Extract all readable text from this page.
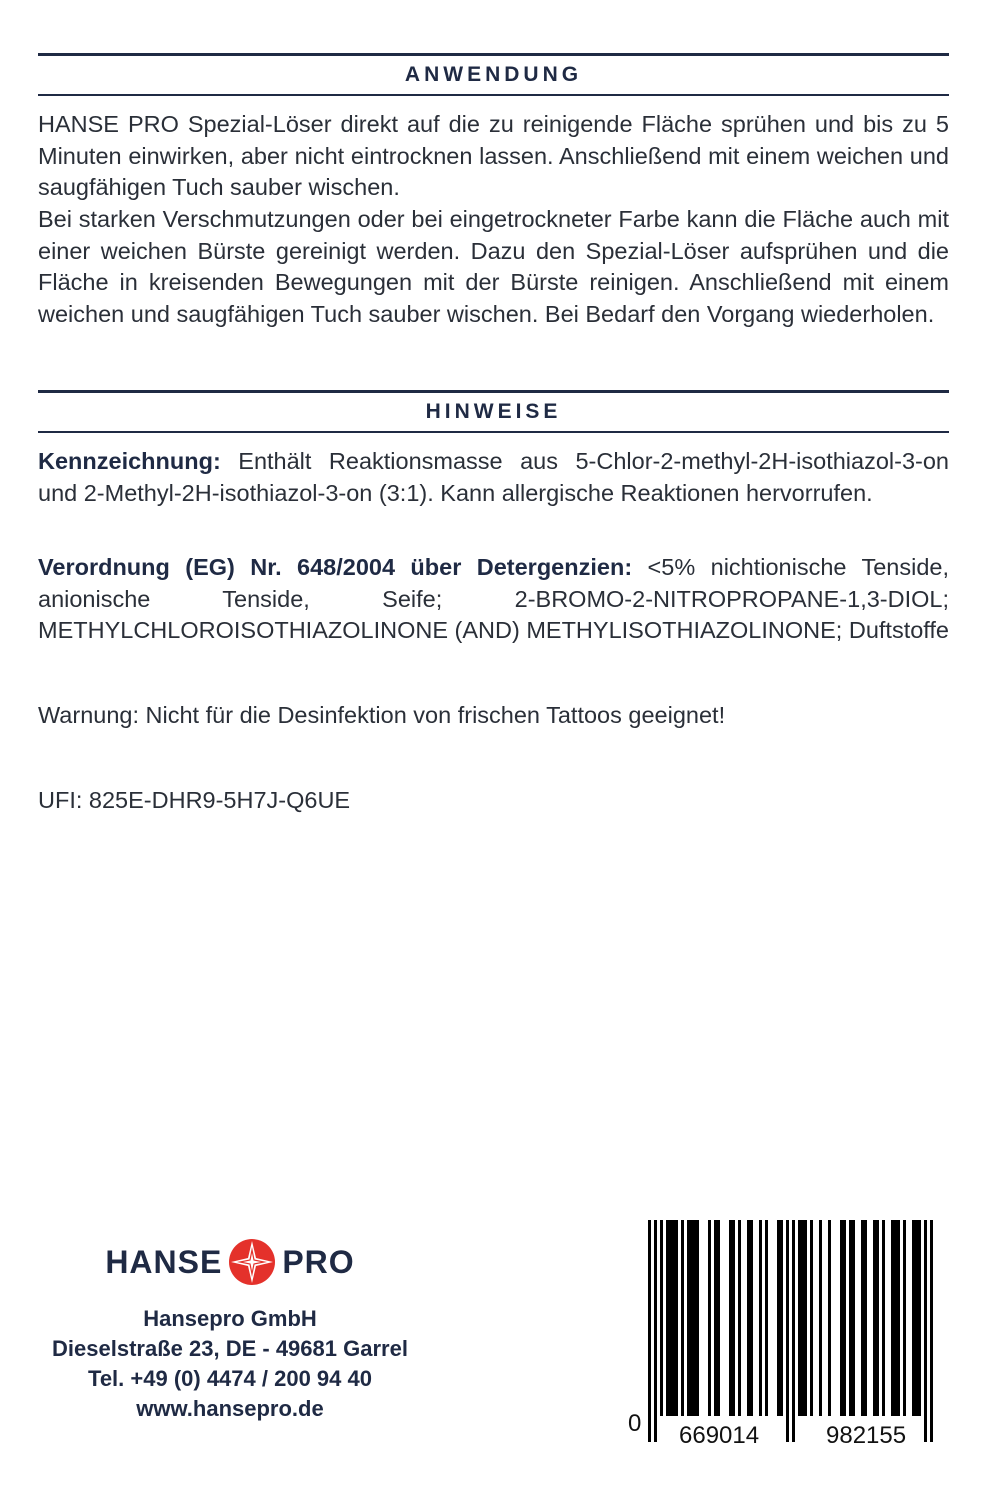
ANWENDUNG
HANSE PRO Spezial-Löser direkt auf die zu reinigende Fläche sprühen und bis zu 5 Minuten einwirken, aber nicht eintrocknen lassen. Anschließend mit einem weichen und saugfähigen Tuch sauber wischen.
Bei starken Verschmutzungen oder bei eingetrockneter Farbe kann die Fläche auch mit einer weichen Bürste gereinigt werden. Dazu den Spezial-Löser aufsprühen und die Fläche in kreisenden Bewegungen mit der Bürste reinigen. Anschließend mit einem weichen und saugfähigen Tuch sauber wischen. Bei Bedarf den Vorgang wiederholen.
HINWEISE
Kennzeichnung: Enthält Reaktionsmasse aus 5-Chlor-2-methyl-2H-isothiazol-3-on und 2-Methyl-2H-isothiazol-3-on (3:1). Kann allergische Reaktionen hervorrufen.
Verordnung (EG) Nr. 648/2004 über Detergenzien: <5% nichtionische Tenside, anionische Tenside, Seife; 2-BROMO-2-NITROPROPANE-1,3-DIOL; METHYLCHLOROISOTHIAZOLINONE (AND) METHYLISOTHIAZOLINONE; Duftstoffe
Warnung: Nicht für die Desinfektion von frischen Tattoos geeignet!
UFI: 825E-DHR9-5H7J-Q6UE
HANSE PRO
Hansepro GmbH
Dieselstraße 23, DE - 49681 Garrel
Tel. +49 (0) 4474 / 200 94 40
www.hansepro.de
0 669014	982155
